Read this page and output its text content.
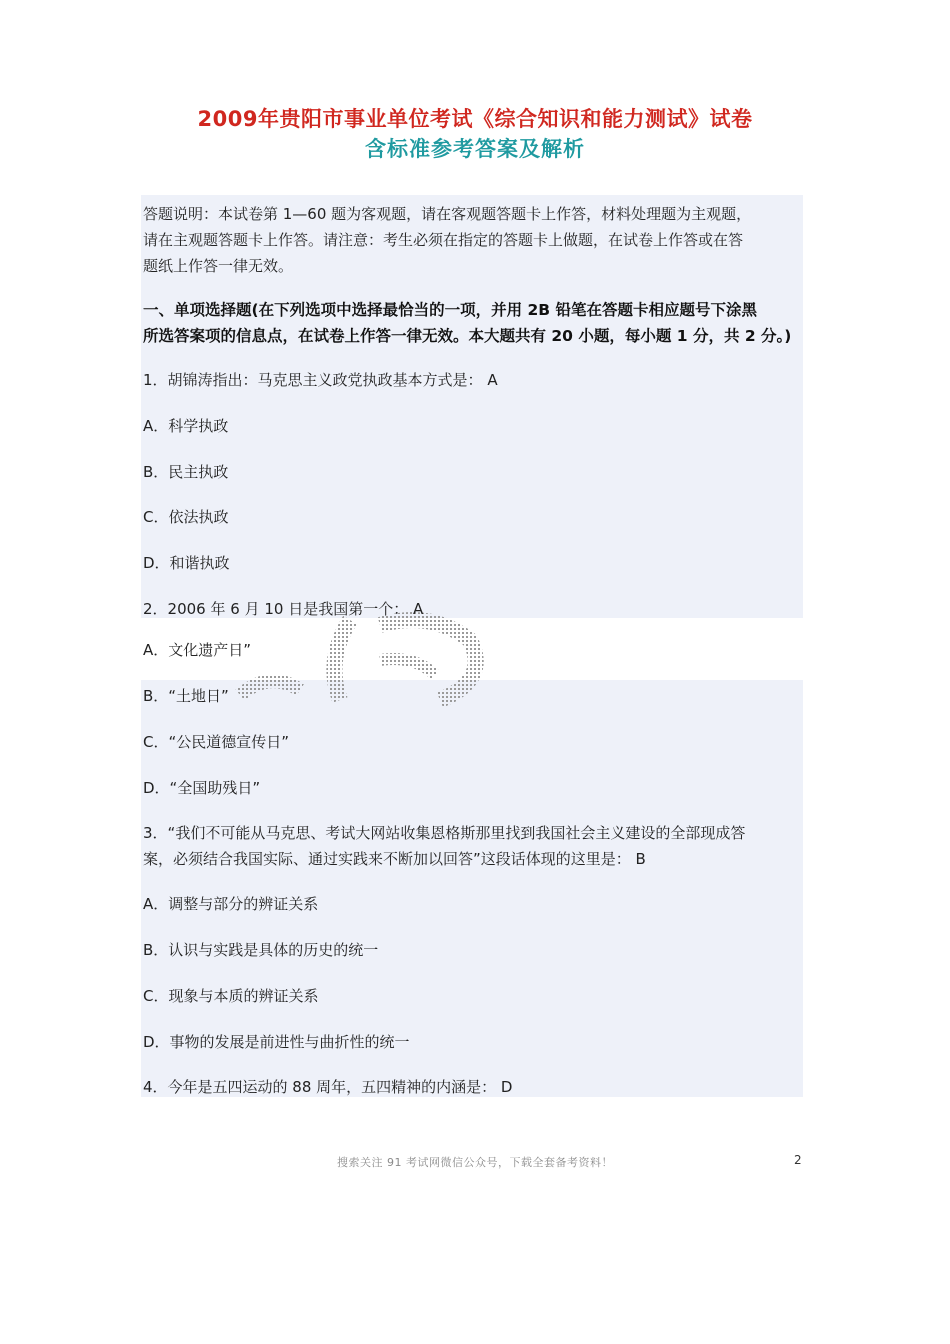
2009年贵阳市事业单位考试《综合知识和能力测试》试卷
含标准参考答案及解析
答题说明：本试卷第 1—60 题为客观题，请在客观题答题卡上作答，材料处理题为主观题，
请在主观题答题卡上作答。请注意：考生必须在指定的答题卡上做题，在试卷上作答或在答
题纸上作答一律无效。
一、单项选择题(在下列选项中选择最恰当的一项，并用 2B 铅笔在答题卡相应题号下涂黑
所选答案项的信息点，在试卷上作答一律无效。本大题共有 20 小题，每小题 1 分，共 2 分。)
1．胡锦涛指出：马克思主义政党执政基本方式是： A
A．科学执政
B．民主执政
C．依法执政
D．和谐执政
2．2006 年 6 月 10 日是我国第一个： A
A．文化遗产日”
B．“土地日”
C．“公民道德宣传日”
D．“全国助残日”
3．“我们不可能从马克思、考试大网站收集恩格斯那里找到我国社会主义建设的全部现成答
案，必须结合我国实际、通过实践来不断加以回答”这段话体现的这里是： B
A．调整与部分的辨证关系
B．认识与实践是具体的历史的统一
C．现象与本质的辨证关系
D．事物的发展是前进性与曲折性的统一
4．今年是五四运动的 88 周年，五四精神的内涵是： D
搜索关注 91 考试网微信公众号，下载全套备考资料！	2
